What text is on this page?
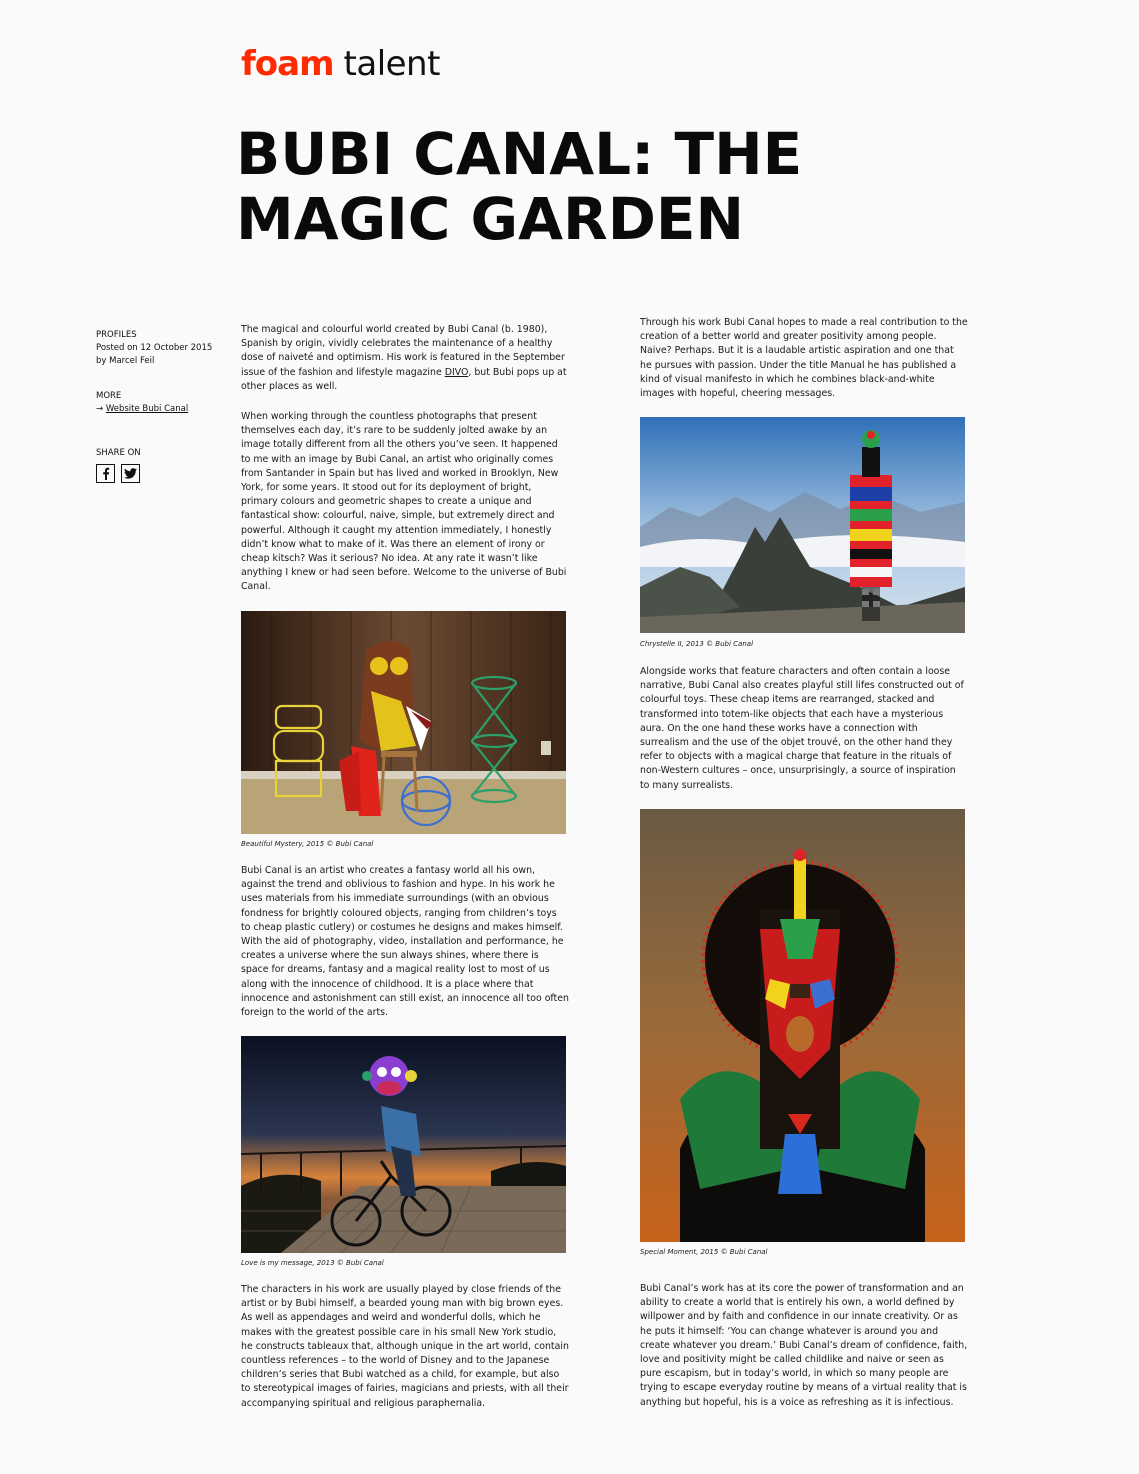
foam talent
BUBI CANAL: THE
MAGIC GARDEN
PROFILES
Posted on 12 October 2015
by Marcel Feil
MORE
→ Website Bubi Canal
SHARE ON

The magical and colourful world created by Bubi Canal (b. 1980), Spanish by origin, vividly celebrates the maintenance of a healthy dose of naiveté and optimism. His work is featured in the September issue of the fashion and lifestyle magazine DIVO, but Bubi pops up at other places as well.

When working through the countless photographs that present themselves each day, it’s rare to be suddenly jolted awake by an image totally different from all the others you’ve seen. It happened to me with an image by Bubi Canal, an artist who originally comes from Santander in Spain but has lived and worked in Brooklyn, New York, for some years. It stood out for its deployment of bright, primary colours and geometric shapes to create a unique and fantastical show: colourful, naive, simple, but extremely direct and powerful. Although it caught my attention immediately, I honestly didn’t know what to make of it. Was there an element of irony or cheap kitsch? Was it serious? No idea. At any rate it wasn’t like anything I knew or had seen before. Welcome to the universe of Bubi Canal.

Beautiful Mystery, 2015 © Bubi Canal

Bubi Canal is an artist who creates a fantasy world all his own, against the trend and oblivious to fashion and hype. In his work he uses materials from his immediate surroundings (with an obvious fondness for brightly coloured objects, ranging from children’s toys to cheap plastic cutlery) or costumes he designs and makes himself. With the aid of photography, video, installation and performance, he creates a universe where the sun always shines, where there is space for dreams, fantasy and a magical reality lost to most of us along with the innocence of childhood. It is a place where that innocence and astonishment can still exist, an innocence all too often foreign to the world of the arts.

Love is my message, 2013 © Bubi Canal

The characters in his work are usually played by close friends of the artist or by Bubi himself, a bearded young man with big brown eyes. As well as appendages and weird and wonderful dolls, which he makes with the greatest possible care in his small New York studio, he constructs tableaux that, although unique in the art world, contain countless references – to the world of Disney and to the Japanese children’s series that Bubi watched as a child, for example, but also to stereotypical images of fairies, magicians and priests, with all their accompanying spiritual and religious paraphernalia.

Through his work Bubi Canal hopes to made a real contribution to the creation of a better world and greater positivity among people. Naive? Perhaps. But it is a laudable artistic aspiration and one that he pursues with passion. Under the title Manual he has published a kind of visual manifesto in which he combines black-and-white images with hopeful, cheering messages.

Chrystelle II, 2013 © Bubi Canal

Alongside works that feature characters and often contain a loose narrative, Bubi Canal also creates playful still lifes constructed out of colourful toys. These cheap items are rearranged, stacked and transformed into totem-like objects that each have a mysterious aura. On the one hand these works have a connection with surrealism and the use of the objet trouvé, on the other hand they refer to objects with a magical charge that feature in the rituals of non-Western cultures – once, unsurprisingly, a source of inspiration to many surrealists.

Special Moment, 2015 © Bubi Canal

Bubi Canal’s work has at its core the power of transformation and an ability to create a world that is entirely his own, a world defined by willpower and by faith and confidence in our innate creativity. Or as he puts it himself: ‘You can change whatever is around you and create whatever you dream.’ Bubi Canal’s dream of confidence, faith, love and positivity might be called childlike and naive or seen as pure escapism, but in today’s world, in which so many people are trying to escape everyday routine by means of a virtual reality that is anything but hopeful, his is a voice as refreshing as it is infectious.
